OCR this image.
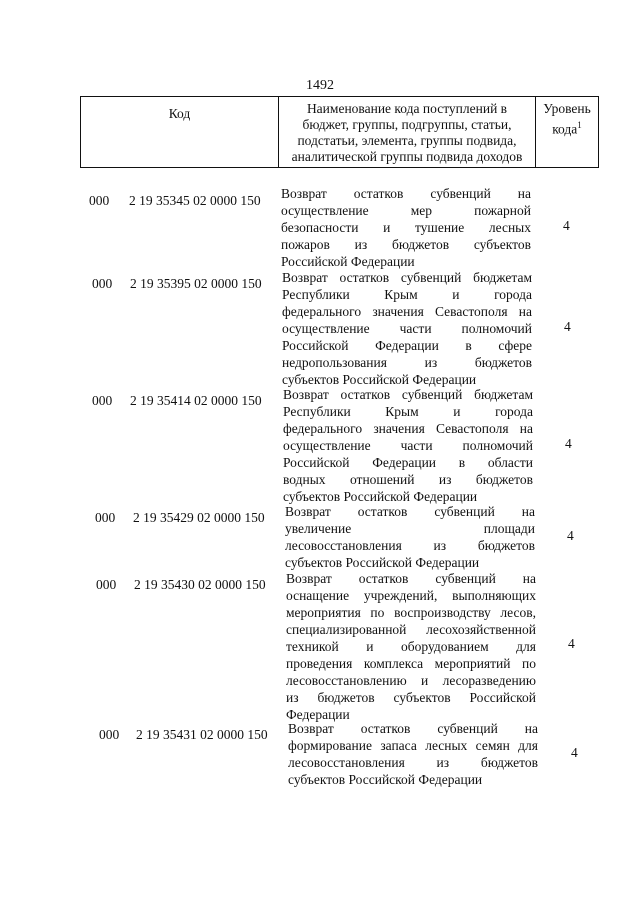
1492
Код	Наименование кода поступлений в
бюджет, группы, подгруппы, статьи,
подстатьи, элемента, группы подвида,
аналитической группы подвида доходов
Уровень
кода$^1$
000 2 19 35345 02 0000 150 Возврат остатков субвенций на
осуществление мер пожарной
безопасности и тушение лесных
пожаров из бюджетов субъектов
Российской Федерации
4
000 2 19 35395 02 0000 150 Возврат остатков субвенций бюджетам
Республики Крым и города
федерального значения Севастополя на
осуществление части полномочий
Российской Федерации в сфере
недропользования из бюджетов
субъектов Российской Федерации
4
000 2 19 35414 02 0000 150 Возврат остатков субвенций бюджетам
Республики Крым и города
федерального значения Севастополя на
осуществление части полномочий
Российской Федерации в области
водных отношений из бюджетов
субъектов Российской Федерации
4
000 2 19 35429 02 0000 150 Возврат остатков субвенций на
увеличение площади
лесовосстановления из бюджетов
субъектов Российской Федерации
4
000 2 19 35430 02 0000 150 Возврат остатков субвенций на
оснащение учреждений, выполняющих
мероприятия по воспроизводству лесов,
специализированной лесохозяйственной
техникой и оборудованием для
проведения комплекса мероприятий по
лесовосстановлению и лесоразведению
из бюджетов субъектов Российской
Федерации
4
000 2 19 35431 02 0000 150 Возврат остатков субвенций на
формирование запаса лесных семян для
лесовосстановления из бюджетов
субъектов Российской Федерации
4
